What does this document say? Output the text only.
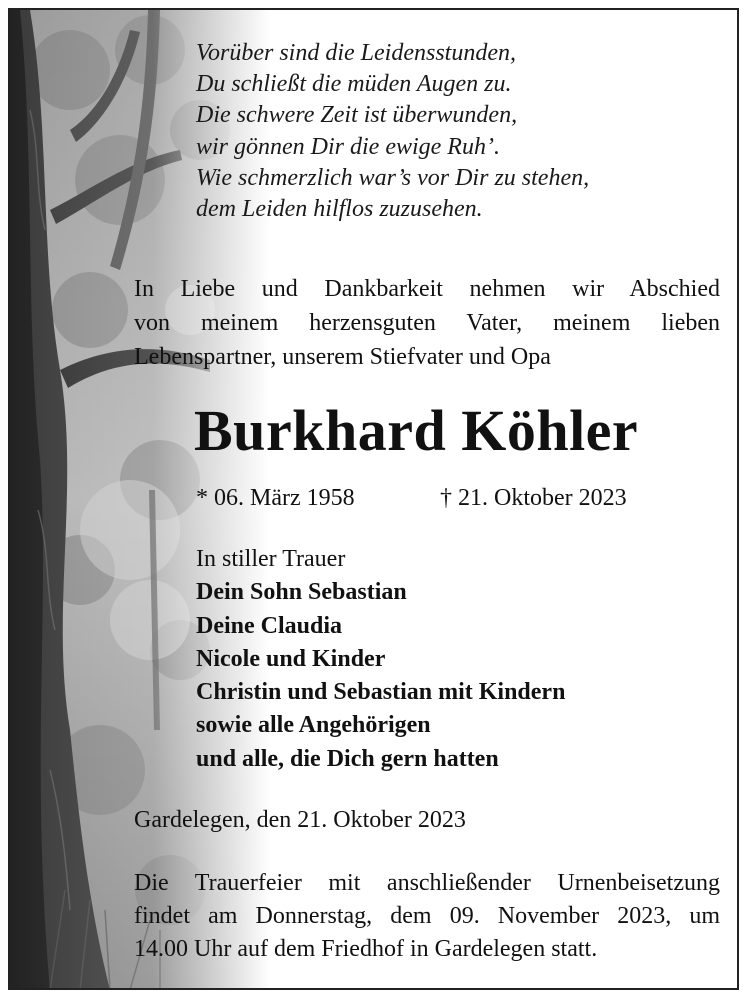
Vorüber sind die Leidensstunden,
Du schließt die müden Augen zu.
Die schwere Zeit ist überwunden,
wir gönnen Dir die ewige Ruh’.
Wie schmerzlich war’s vor Dir zu stehen,
dem Leiden hilflos zuzusehen.
In Liebe und Dankbarkeit nehmen wir Abschied
von meinem herzensguten Vater, meinem lieben
Lebenspartner, unserem Stiefvater und Opa
Burkhard Köhler
* 06. März 1958	† 21. Oktober 2023
In stiller Trauer
Dein Sohn Sebastian
Deine Claudia
Nicole und Kinder
Christin und Sebastian mit Kindern
sowie alle Angehörigen
und alle, die Dich gern hatten
Gardelegen, den 21. Oktober 2023
Die Trauerfeier mit anschließender Urnenbeisetzung
findet am Donnerstag, dem 09. November 2023, um
14.00 Uhr auf dem Friedhof in Gardelegen statt.
